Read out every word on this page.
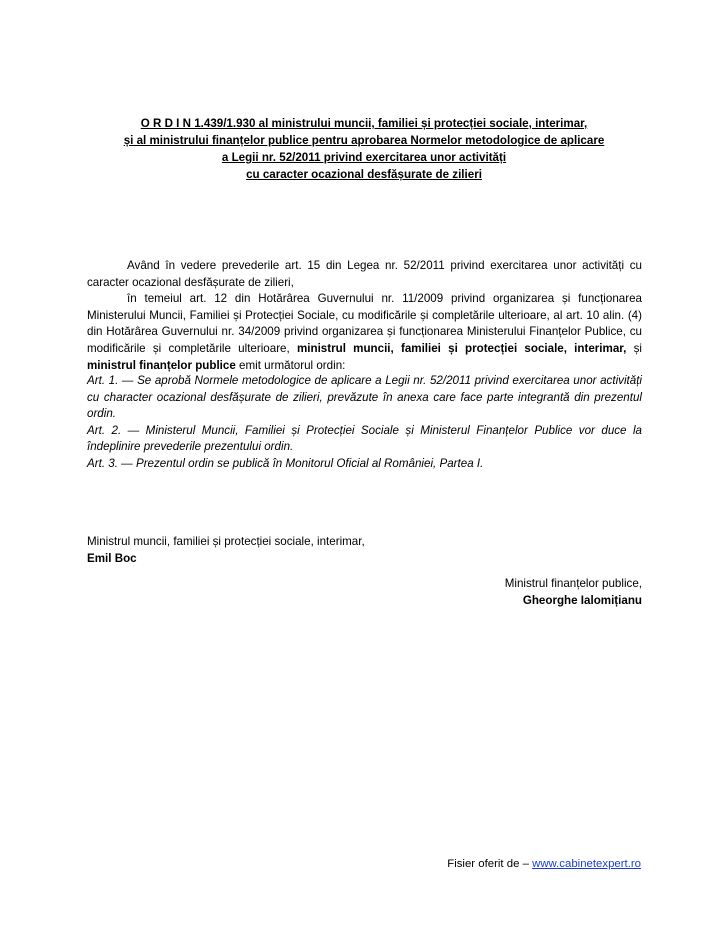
O R D I N 1.439/1.930 al ministrului muncii, familiei și protecției sociale, interimar,
și al ministrului finanțelor publice pentru aprobarea Normelor metodologice de aplicare
a Legii nr. 52/2011 privind exercitarea unor activități
cu caracter ocazional desfășurate de zilieri

Având în vedere prevederile art. 15 din Legea nr. 52/2011 privind exercitarea unor activități cu caracter ocazional desfășurate de zilieri,

în temeiul art. 12 din Hotărârea Guvernului nr. 11/2009 privind organizarea și funcționarea Ministerului Muncii, Familiei și Protecției Sociale, cu modificările și completările ulterioare, al art. 10 alin. (4) din Hotărârea Guvernului nr. 34/2009 privind organizarea și funcționarea Ministerului Finanțelor Publice, cu modificările și completările ulterioare, ministrul muncii, familiei și protecției sociale, interimar, și ministrul finanțelor publice emit următorul ordin:

Art. 1. — Se aprobă Normele metodologice de aplicare a Legii nr. 52/2011 privind exercitarea unor activități cu character ocazional desfășurate de zilieri, prevăzute în anexa care face parte integrantă din prezentul ordin.

Art. 2. — Ministerul Muncii, Familiei și Protecției Sociale și Ministerul Finanțelor Publice vor duce la îndeplinire prevederile prezentului ordin.

Art. 3. — Prezentul ordin se publică în Monitorul Oficial al României, Partea I.

Ministrul muncii, familiei și protecției sociale, interimar,
Emil Boc
Ministrul finanțelor publice,
Gheorghe Ialomițianu
Fisier oferit de – www.cabinetexpert.ro
